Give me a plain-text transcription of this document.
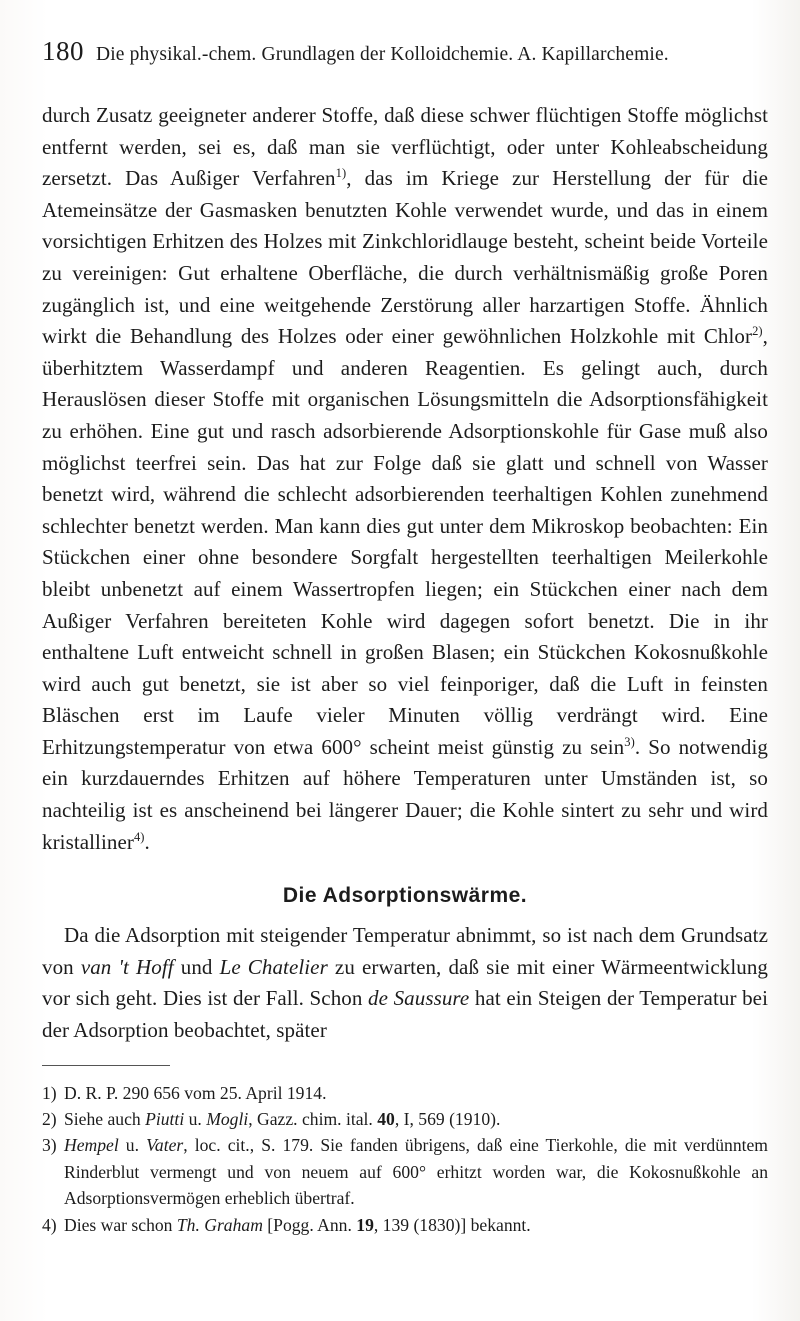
180 Die physikal.-chem. Grundlagen der Kolloidchemie. A. Kapillarchemie.

durch Zusatz geeigneter anderer Stoffe, daß diese schwer flüchtigen Stoffe möglichst entfernt werden, sei es, daß man sie verflüchtigt, oder unter Kohleabscheidung zersetzt. Das Außiger Verfahren$^{1)}$, das im Kriege zur Herstellung der für die Atemeinsätze der Gasmasken benutzten Kohle verwendet wurde, und das in einem vorsichtigen Erhitzen des Holzes mit Zinkchloridlauge besteht, scheint beide Vorteile zu vereinigen: Gut erhaltene Oberfläche, die durch verhältnismäßig große Poren zugänglich ist, und eine weitgehende Zerstörung aller harzartigen Stoffe. Ähnlich wirkt die Behandlung des Holzes oder einer gewöhnlichen Holzkohle mit Chlor$^{2)}$, überhitztem Wasserdampf und anderen Reagentien. Es gelingt auch, durch Herauslösen dieser Stoffe mit organischen Lösungsmitteln die Adsorptionsfähigkeit zu erhöhen. Eine gut und rasch adsorbierende Adsorptionskohle für Gase muß also möglichst teerfrei sein. Das hat zur Folge daß sie glatt und schnell von Wasser benetzt wird, während die schlecht adsorbierenden teerhaltigen Kohlen zunehmend schlechter benetzt werden. Man kann dies gut unter dem Mikroskop beobachten: Ein Stückchen einer ohne besondere Sorgfalt hergestellten teerhaltigen Meilerkohle bleibt unbenetzt auf einem Wassertropfen liegen; ein Stückchen einer nach dem Außiger Verfahren bereiteten Kohle wird dagegen sofort benetzt. Die in ihr enthaltene Luft entweicht schnell in großen Blasen; ein Stückchen Kokosnußkohle wird auch gut benetzt, sie ist aber so viel feinporiger, daß die Luft in feinsten Bläschen erst im Laufe vieler Minuten völlig verdrängt wird. Eine Erhitzungstemperatur von etwa 600° scheint meist günstig zu sein$^{3)}$. So notwendig ein kurzdauerndes Erhitzen auf höhere Temperaturen unter Umständen ist, so nachteilig ist es anscheinend bei längerer Dauer; die Kohle sintert zu sehr und wird kristalliner$^{4)}$.

Die Adsorptionswärme.

Da die Adsorption mit steigender Temperatur abnimmt, so ist nach dem Grundsatz von van 't Hoff und Le Chatelier zu erwarten, daß sie mit einer Wärmeentwicklung vor sich geht. Dies ist der Fall. Schon de Saussure hat ein Steigen der Temperatur bei der Adsorption beobachtet, später

1) D. R. P. 290 656 vom 25. April 1914.
2) Siehe auch Piutti u. Mogli, Gazz. chim. ital. 40, I, 569 (1910).
3) Hempel u. Vater, loc. cit., S. 179. Sie fanden übrigens, daß eine Tierkohle, die mit verdünntem Rinderblut vermengt und von neuem auf 600° erhitzt worden war, die Kokosnußkohle an Adsorptionsvermögen erheblich übertraf.
4) Dies war schon Th. Graham [Pogg. Ann. 19, 139 (1830)] bekannt.
